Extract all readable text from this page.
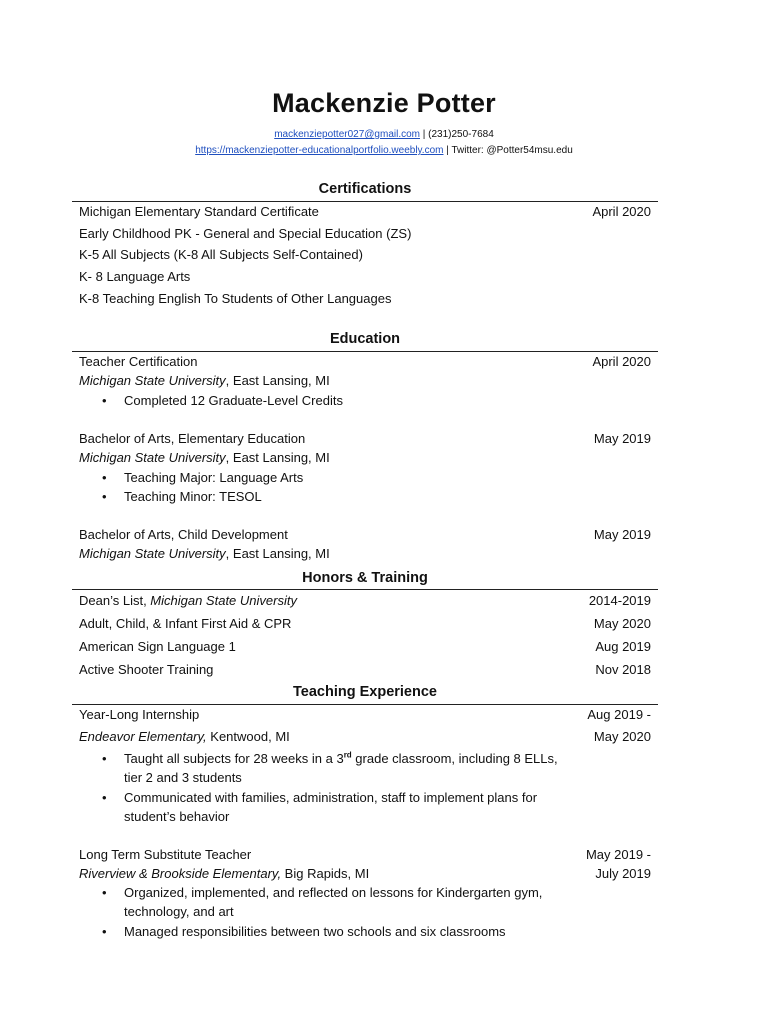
Mackenzie Potter
mackenziepotter027@gmail.com | (231)250-7684
https://mackenziepotter-educationalportfolio.weebly.com | Twitter: @Potter54msu.edu
Certifications
Michigan Elementary Standard Certificate	April 2020
Early Childhood PK - General and Special Education (ZS)
K-5 All Subjects (K-8 All Subjects Self-Contained)
K- 8 Language Arts
K-8 Teaching English To Students of Other Languages
Education
Teacher Certification	April 2020
Michigan State University, East Lansing, MI
• Completed 12 Graduate-Level Credits
Bachelor of Arts, Elementary Education	May 2019
Michigan State University, East Lansing, MI
• Teaching Major: Language Arts
• Teaching Minor: TESOL
Bachelor of Arts, Child Development	May 2019
Michigan State University, East Lansing, MI
Honors & Training
Dean’s List, Michigan State University	2014-2019
Adult, Child, & Infant First Aid & CPR	May 2020
American Sign Language 1	Aug 2019
Active Shooter Training	Nov 2018
Teaching Experience
Year-Long Internship	Aug 2019 -
Endeavor Elementary, Kentwood, MI	May 2020
• Taught all subjects for 28 weeks in a 3rd grade classroom, including 8 ELLs, tier 2 and 3 students
• Communicated with families, administration, staff to implement plans for student’s behavior
Long Term Substitute Teacher	May 2019 -
Riverview & Brookside Elementary, Big Rapids, MI	July 2019
• Organized, implemented, and reflected on lessons for Kindergarten gym, technology, and art
• Managed responsibilities between two schools and six classrooms
